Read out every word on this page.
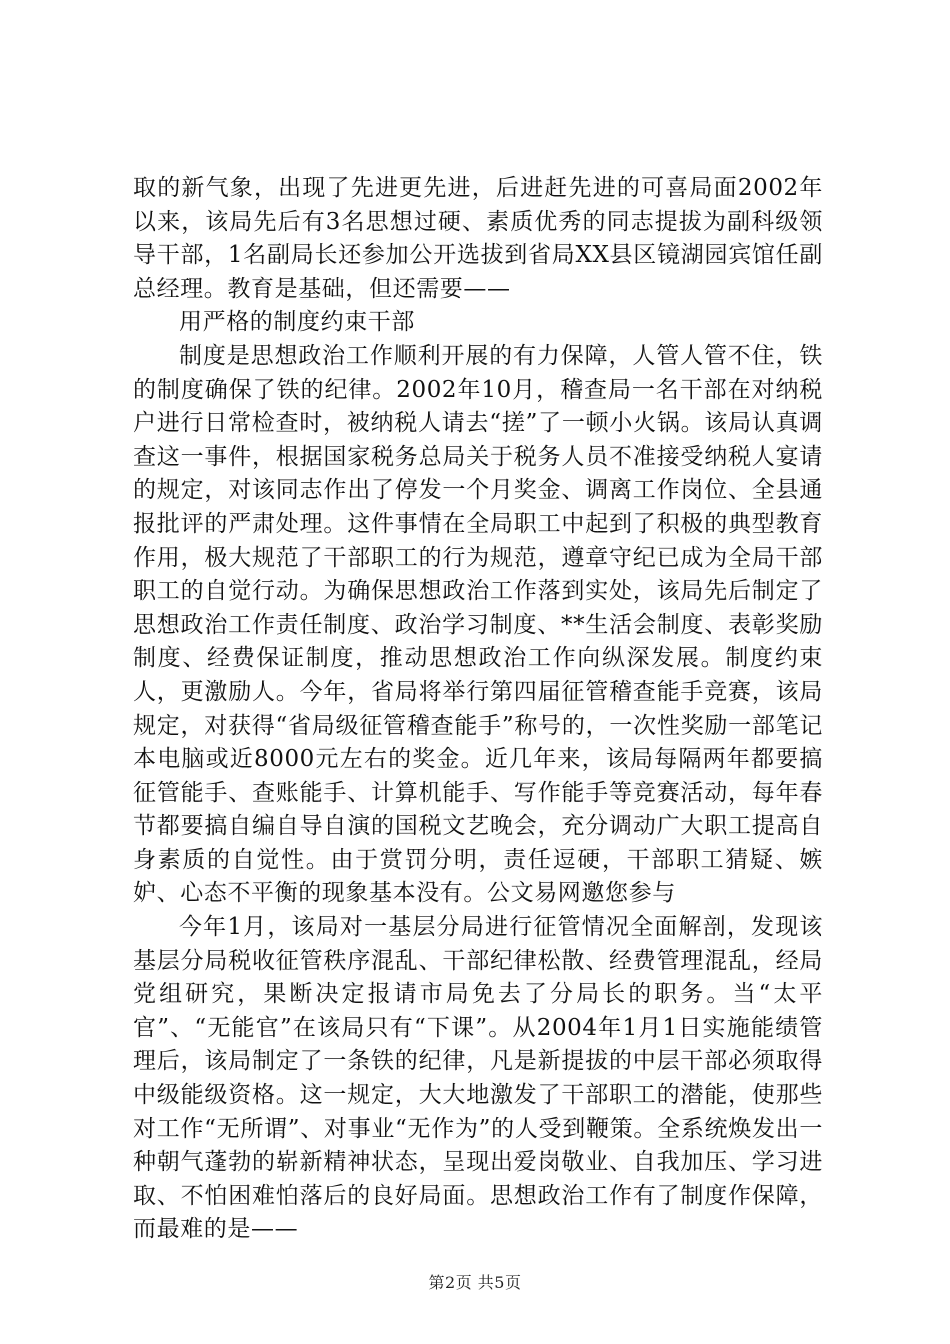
取的新气象，出现了先进更先进，后进赶先进的可喜局面2002年以来，该局先后有3名思想过硬、素质优秀的同志提拔为副科级领导干部，1名副局长还参加公开选拔到省局XX县区镜湖园宾馆任副总经理。教育是基础，但还需要——

用严格的制度约束干部

制度是思想政治工作顺利开展的有力保障，人管人管不住，铁的制度确保了铁的纪律。2002年10月，稽查局一名干部在对纳税户进行日常检查时，被纳税人请去“搓”了一顿小火锅。该局认真调查这一事件，根据国家税务总局关于税务人员不准接受纳税人宴请的规定，对该同志作出了停发一个月奖金、调离工作岗位、全县通报批评的严肃处理。这件事情在全局职工中起到了积极的典型教育作用，极大规范了干部职工的行为规范，遵章守纪已成为全局干部职工的自觉行动。为确保思想政治工作落到实处，该局先后制定了思想政治工作责任制度、政治学习制度、**生活会制度、表彰奖励制度、经费保证制度，推动思想政治工作向纵深发展。制度约束人，更激励人。今年，省局将举行第四届征管稽查能手竞赛，该局规定，对获得“省局级征管稽查能手”称号的，一次性奖励一部笔记本电脑或近8000元左右的奖金。近几年来，该局每隔两年都要搞征管能手、查账能手、计算机能手、写作能手等竞赛活动，每年春节都要搞自编自导自演的国税文艺晚会，充分调动广大职工提高自身素质的自觉性。由于赏罚分明，责任逗硬，干部职工猜疑、嫉妒、心态不平衡的现象基本没有。公文易网邀您参与

今年1月，该局对一基层分局进行征管情况全面解剖，发现该基层分局税收征管秩序混乱、干部纪律松散、经费管理混乱，经局党组研究，果断决定报请市局免去了分局长的职务。当“太平官”、“无能官”在该局只有“下课”。从2004年1月1日实施能绩管理后，该局制定了一条铁的纪律，凡是新提拔的中层干部必须取得中级能级资格。这一规定，大大地激发了干部职工的潜能，使那些对工作“无所谓”、对事业“无作为”的人受到鞭策。全系统焕发出一种朝气蓬勃的崭新精神状态，呈现出爱岗敬业、自我加压、学习进取、不怕困难怕落后的良好局面。思想政治工作有了制度作保障，而最难的是——

第2页 共5页
